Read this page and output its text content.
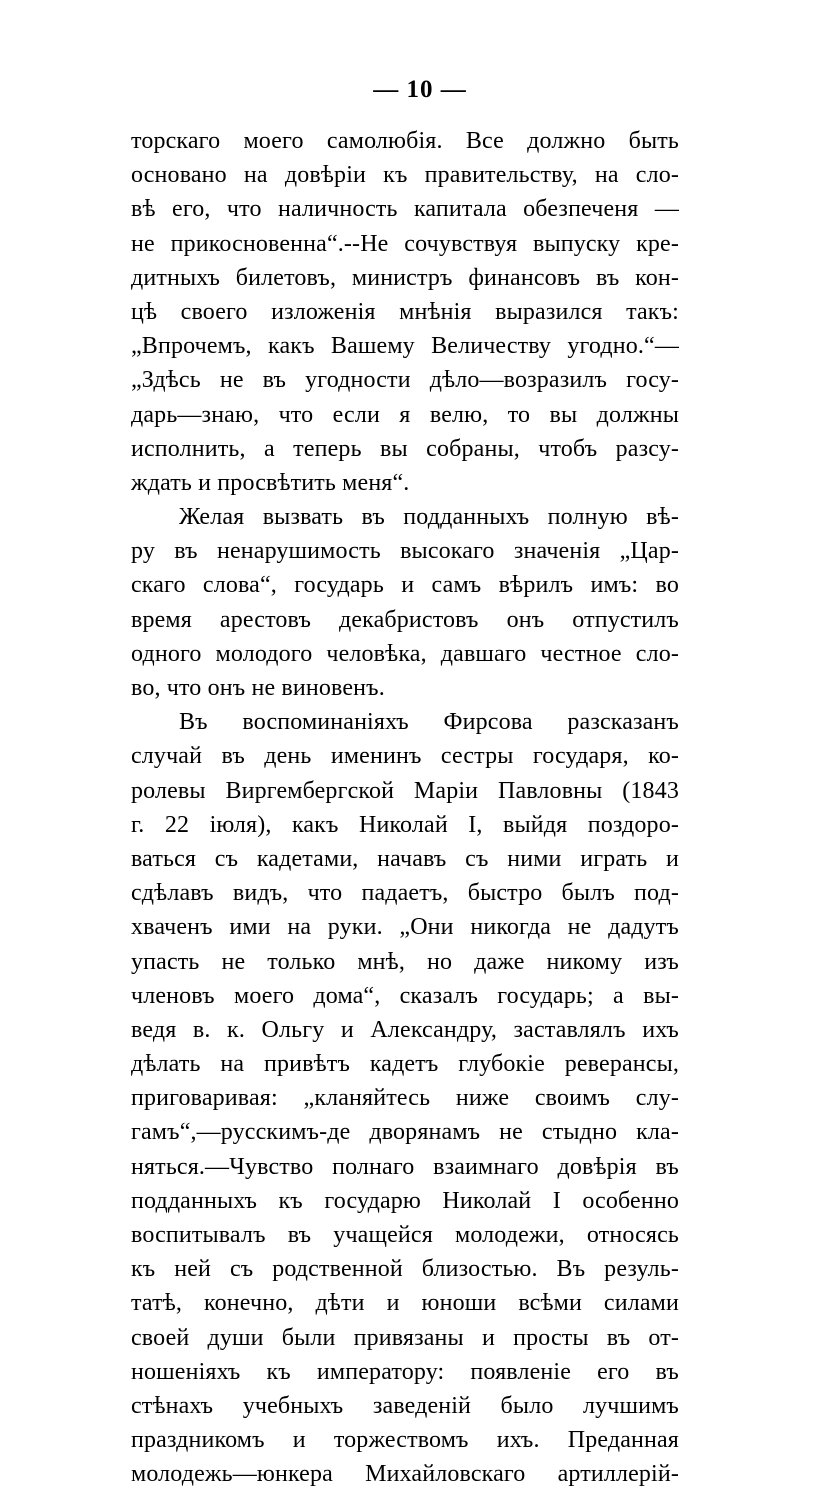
— 10 —
торскаго моего самолюбія. Все должно быть
основано на довѣріи къ правительству, на сло-
вѣ его, что наличность капитала обезпеченя —
не прикосновенна“.--Не сочувствуя выпуску кре-
дитныхъ билетовъ, министръ финансовъ въ кон-
цѣ своего изложенія мнѣнія выразился такъ:
„Впрочемъ, какъ Вашему Величеству угодно.“—
„Здѣсь не въ угодности дѣло—возразилъ госу-
дарь—знаю, что если я велю, то вы должны
исполнить, а теперь вы собраны, чтобъ разсу-
ждать и просвѣтить меня“.
Желая вызвать въ подданныхъ полную вѣ-
ру въ ненарушимость высокаго значенія „Цар-
скаго слова“, государь и самъ вѣрилъ имъ: во
время арестовъ декабристовъ онъ отпустилъ
одного молодого человѣка, давшаго честное сло-
во, что онъ не виновенъ.
Въ воспоминаніяхъ Фирсова разсказанъ
случай въ день именинъ сестры государя, ко-
ролевы Виргембергской Маріи Павловны (1843
г. 22 іюля), какъ Николай I, выйдя поздоро-
ваться съ кадетами, начавъ съ ними играть и
сдѣлавъ видъ, что падаетъ, быстро былъ под-
хваченъ ими на руки. „Они никогда не дадутъ
упасть не только мнѣ, но даже никому изъ
членовъ моего дома“, сказалъ государь; а вы-
ведя в. к. Ольгу и Александру, заставлялъ ихъ
дѣлать на привѣтъ кадетъ глубокіе реверансы,
приговаривая: „кланяйтесь ниже своимъ слу-
гамъ“,—русскимъ-де дворянамъ не стыдно кла-
няться.—Чувство полнаго взаимнаго довѣрія въ
подданныхъ къ государю Николай I особенно
воспитывалъ въ учащейся молодежи, относясь
къ ней съ родственной близостью. Въ резуль-
татѣ, конечно, дѣти и юноши всѣми силами
своей души были привязаны и просты въ от-
ношеніяхъ къ императору: появленіе его въ
стѣнахъ учебныхъ заведеній было лучшимъ
праздникомъ и торжествомъ ихъ. Преданная
молодежь—юнкера Михайловскаго артиллерій-
